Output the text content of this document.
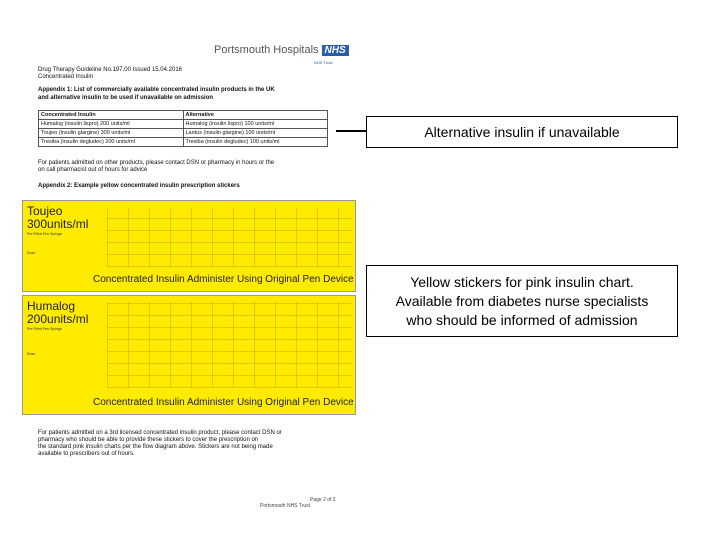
Portsmouth Hospitals NHS
NHS Trust
Drug Therapy Guideline No.197.00 Issued 15.04.2016
Concentrated Insulin
Appendix 1: List of commercially available concentrated insulin products in the UK
and alternative insulin to be used if unavailable on admission
Concentrated Insulin	Alternative
Humalog (insulin lispro) 200 units/ml	Humalog (insulin lispro) 100 units/ml
Toujeo (insulin glargine) 300 units/ml	Lantus (insulin glargine) 100 units/ml
Tresiba (insulin degludec) 200 units/ml	Tresiba (insulin degludec) 100 units/ml
For patients admitted on other products, please contact DSN or pharmacy in hours or the
on call pharmacist out of hours for advice
Appendix 2: Example yellow concentrated insulin prescription stickers
Toujeo
300units/ml
Pre Filled Pen Syringe
Dose
Concentrated Insulin Administer Using Original Pen Device
Humalog
200units/ml
Pre Filled Pen Syringe
Dose
Concentrated Insulin Administer Using Original Pen Device
For patients admitted on a 3rd licensed concentrated insulin product, please contact DSN or
pharmacy who should be able to provide these stickers to cover the prescription on
the standard pink insulin charts per the flow diagram above. Stickers are not being made
available to prescribers out of hours.
Page 2 of 2
Portsmouth NHS Trust
Alternative insulin if unavailable
Yellow stickers for pink insulin chart.
Available from diabetes nurse specialists
who should be informed of admission
